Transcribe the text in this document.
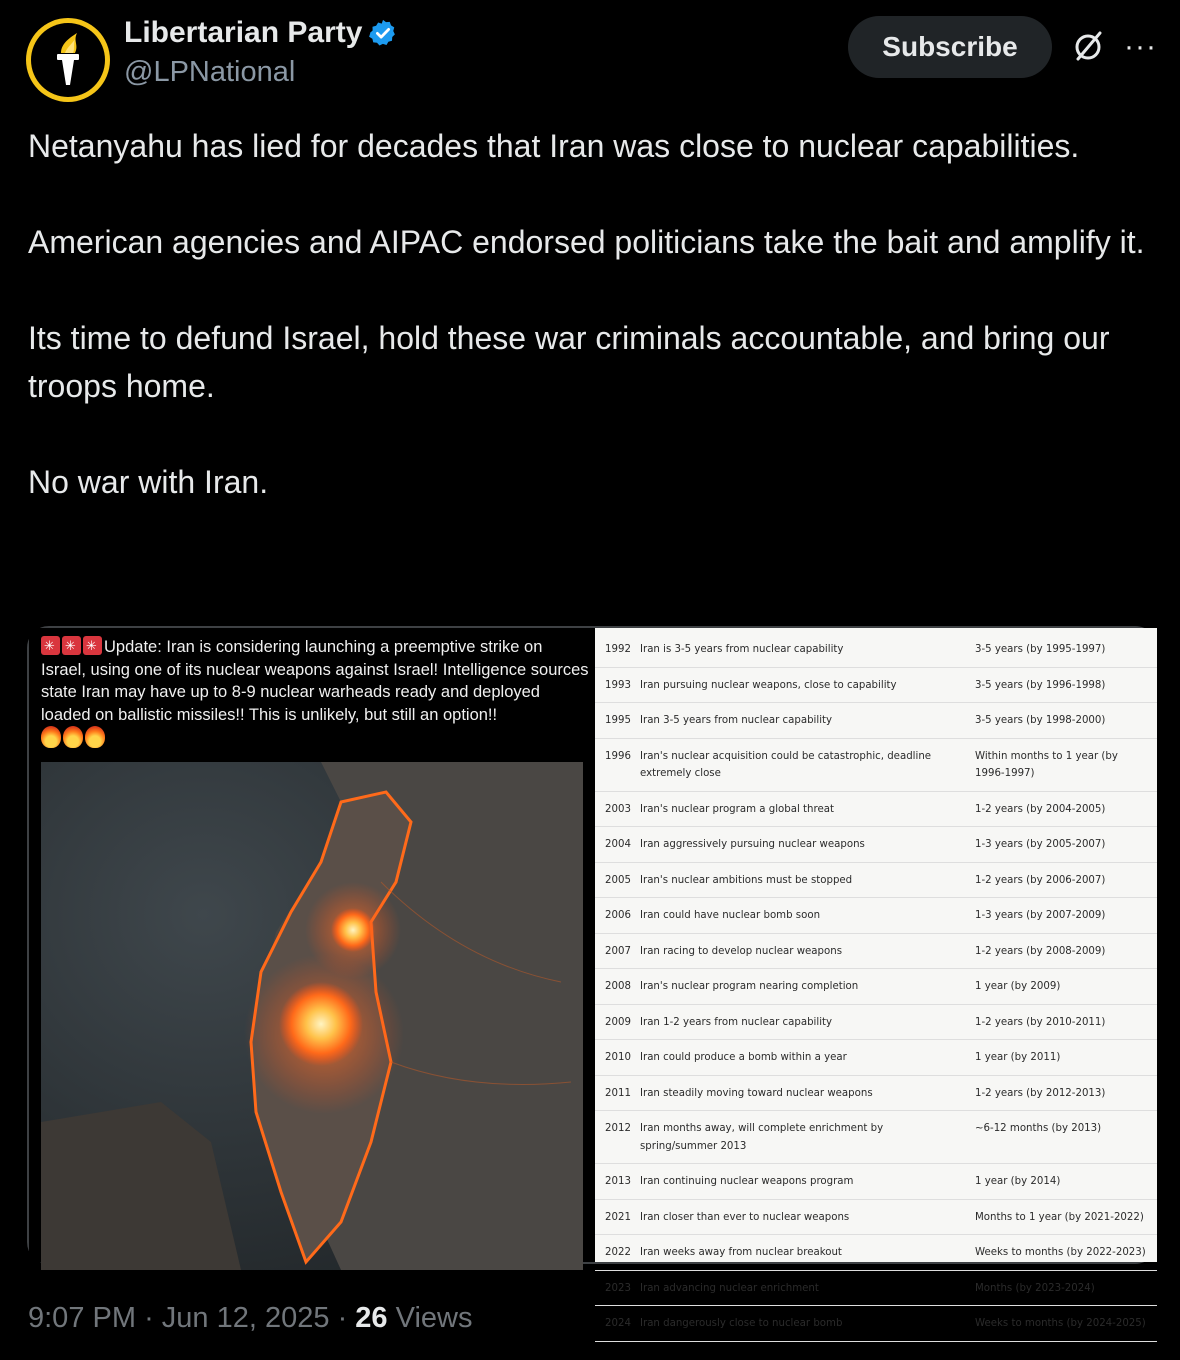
Libertarian Party
@LPNational
Subscribe	···

Netanyahu has lied for decades that Iran was close to nuclear capabilities.

American agencies and AIPAC endorsed politicians take the bait and amplify it.

Its time to defund Israel, hold these war criminals accountable, and bring our troops home.

No war with Iran.

✳✳✳Update: Iran is considering launching a preemptive strike on Israel, using one of its nuclear weapons against Israel! Intelligence sources state Iran may have up to 8-9 nuclear warheads ready and deployed loaded on ballistic missiles!! This is unlikely, but still an option!!

1992	Iran is 3-5 years from nuclear capability	3-5 years (by 1995-1997)
1993	Iran pursuing nuclear weapons, close to capability	3-5 years (by 1996-1998)
1995	Iran 3-5 years from nuclear capability	3-5 years (by 1998-2000)
1996	Iran's nuclear acquisition could be catastrophic, deadline extremely close	Within months to 1 year (by 1996-1997)
2003	Iran's nuclear program a global threat	1-2 years (by 2004-2005)
2004	Iran aggressively pursuing nuclear weapons	1-3 years (by 2005-2007)
2005	Iran's nuclear ambitions must be stopped	1-2 years (by 2006-2007)
2006	Iran could have nuclear bomb soon	1-3 years (by 2007-2009)
2007	Iran racing to develop nuclear weapons	1-2 years (by 2008-2009)
2008	Iran's nuclear program nearing completion	1 year (by 2009)
2009	Iran 1-2 years from nuclear capability	1-2 years (by 2010-2011)
2010	Iran could produce a bomb within a year	1 year (by 2011)
2011	Iran steadily moving toward nuclear weapons	1-2 years (by 2012-2013)
2012	Iran months away, will complete enrichment by spring/summer 2013	~6-12 months (by 2013)
2013	Iran continuing nuclear weapons program	1 year (by 2014)
2021	Iran closer than ever to nuclear weapons	Months to 1 year (by 2021-2022)
2022	Iran weeks away from nuclear breakout	Weeks to months (by 2022-2023)
2023	Iran advancing nuclear enrichment	Months (by 2023-2024)
2024	Iran dangerously close to nuclear bomb	Weeks to months (by 2024-2025)
9:07 PM · Jun 12, 2025 · 26 Views
